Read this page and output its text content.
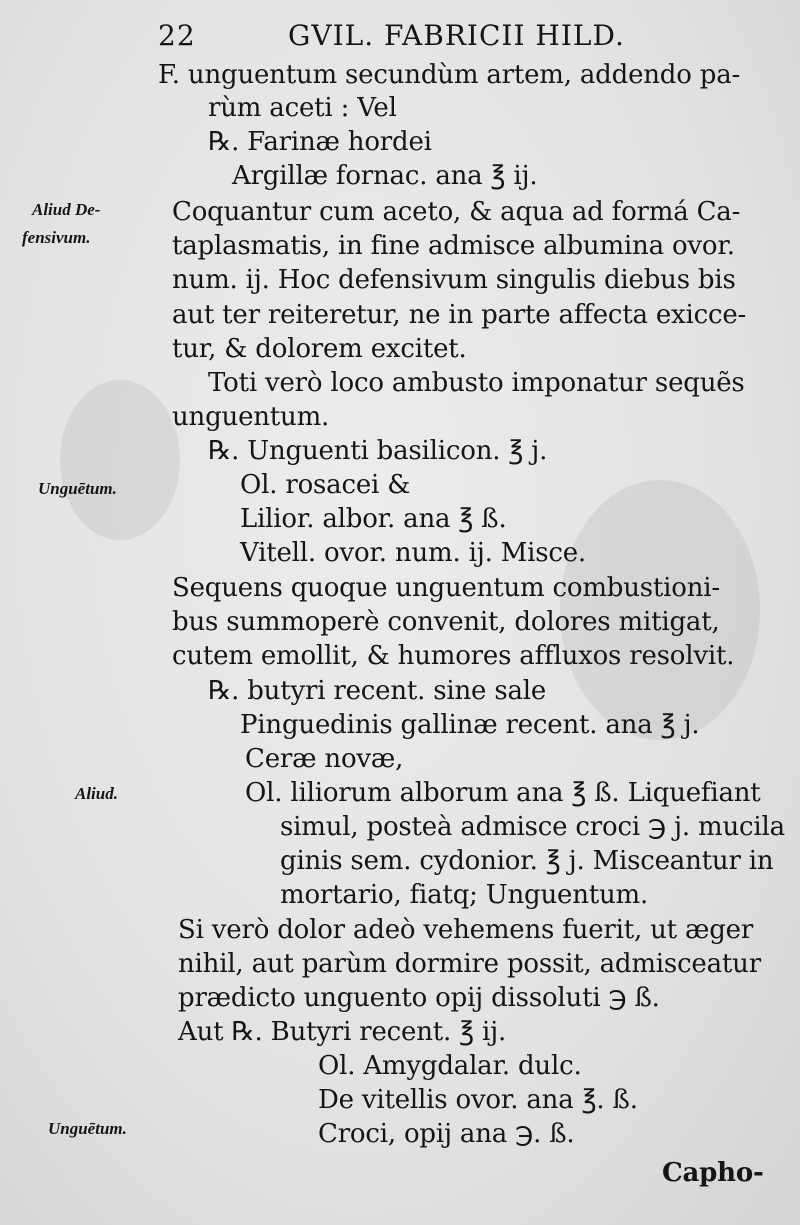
22	GVIL. FABRICII HILD.
Aliud De-
fensivum.
Unguētum.
Aliud.
Unguētum.
F. unguentum secundùm artem, addendo pa-
rùm aceti : Vel
℞. Farinæ hordei
Argillæ fornac. ana ℥ ij.
Coquantur cum aceto, & aqua ad formá Ca-
taplasmatis, in fine admisce albumina ovor.
num. ij. Hoc defensivum singulis diebus bis
aut ter reiteretur, ne in parte affecta exicce-
tur, & dolorem excitet.
Toti verò loco ambusto imponatur sequẽs
unguentum.
℞. Unguenti basilicon. ℥ j.
Ol. rosacei &
Lilior. albor. ana ℥ ß.
Vitell. ovor. num. ij. Misce.
Sequens quoque unguentum combustioni-
bus summoperè convenit, dolores mitigat,
cutem emollit, & humores affluxos resolvit.
℞. butyri recent. sine sale
Pinguedinis gallinæ recent. ana ℥ j.
Ceræ novæ,
Ol. liliorum alborum ana ℥ ß. Liquefiant
simul, posteà admisce croci ℈ j. mucila
ginis sem. cydonior. ℥ j. Misceantur in
mortario, fiatq; Unguentum.
Si verò dolor adeò vehemens fuerit, ut æger
nihil, aut parùm dormire possit, admisceatur
prædicto unguento opij dissoluti ℈ ß.
Aut ℞. Butyri recent. ℥ ij.
Ol. Amygdalar. dulc.
De vitellis ovor. ana ℥. ß.
Croci, opij ana ℈. ß.
Capho-
